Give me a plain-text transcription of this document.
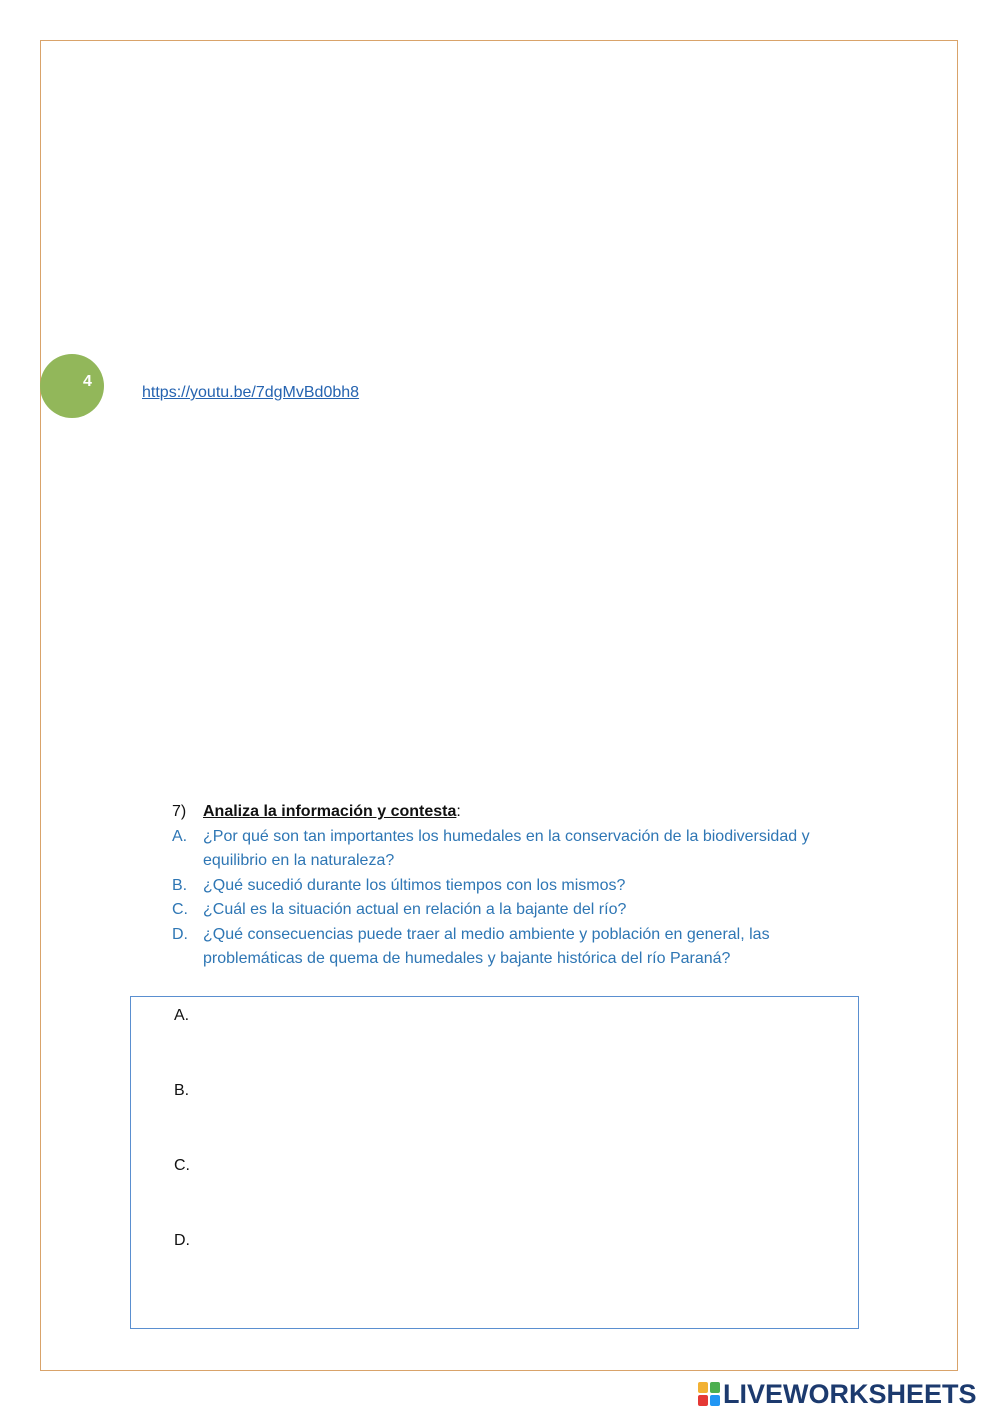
4
https://youtu.be/7dgMvBd0bh8
7) Analiza la información y contesta:
A. ¿Por qué son tan importantes los humedales en la conservación de la biodiversidad y equilibrio en la naturaleza?
B. ¿Qué sucedió durante los últimos tiempos con los mismos?
C. ¿Cuál es la situación actual en relación a la bajante del río?
D. ¿Qué consecuencias puede traer al medio ambiente y población en general, las problemáticas de quema de humedales y bajante histórica del río Paraná?
A.
B.
C.
D.
LIVEWORKSHEETS
